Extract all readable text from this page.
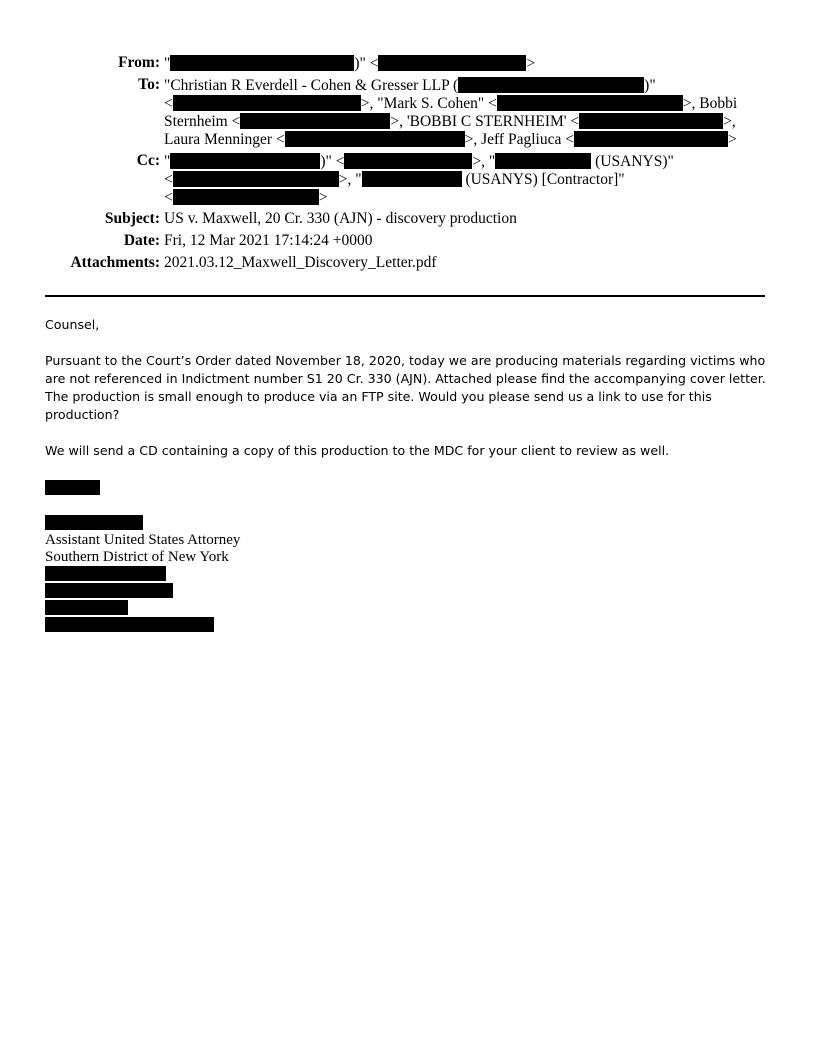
From: "	)" <	>
To: "Christian R Everdell - Cohen & Gresser LLP (	)"
<	>, "Mark S. Cohen" <	>, Bobbi
Sternheim <	>, 'BOBBI C STERNHEIM' <	>,
Laura Menninger <	>, Jeff Pagliuca <	>
Cc: "	)" <	>, "	(USANYS)"
<	>, "	(USANYS) [Contractor]"
<	>
Subject: US v. Maxwell, 20 Cr. 330 (AJN) - discovery production
Date: Fri, 12 Mar 2021 17:14:24 +0000
Attachments: 2021.03.12_Maxwell_Discovery_Letter.pdf

Counsel,

Pursuant to the Court’s Order dated November 18, 2020, today we are producing materials regarding victims who are not referenced in Indictment number S1 20 Cr. 330 (AJN). Attached please find the accompanying cover letter. The production is small enough to produce via an FTP site. Would you please send us a link to use for this production?

We will send a CD containing a copy of this production to the MDC for your client to review as well.

Assistant United States Attorney
Southern District of New York
